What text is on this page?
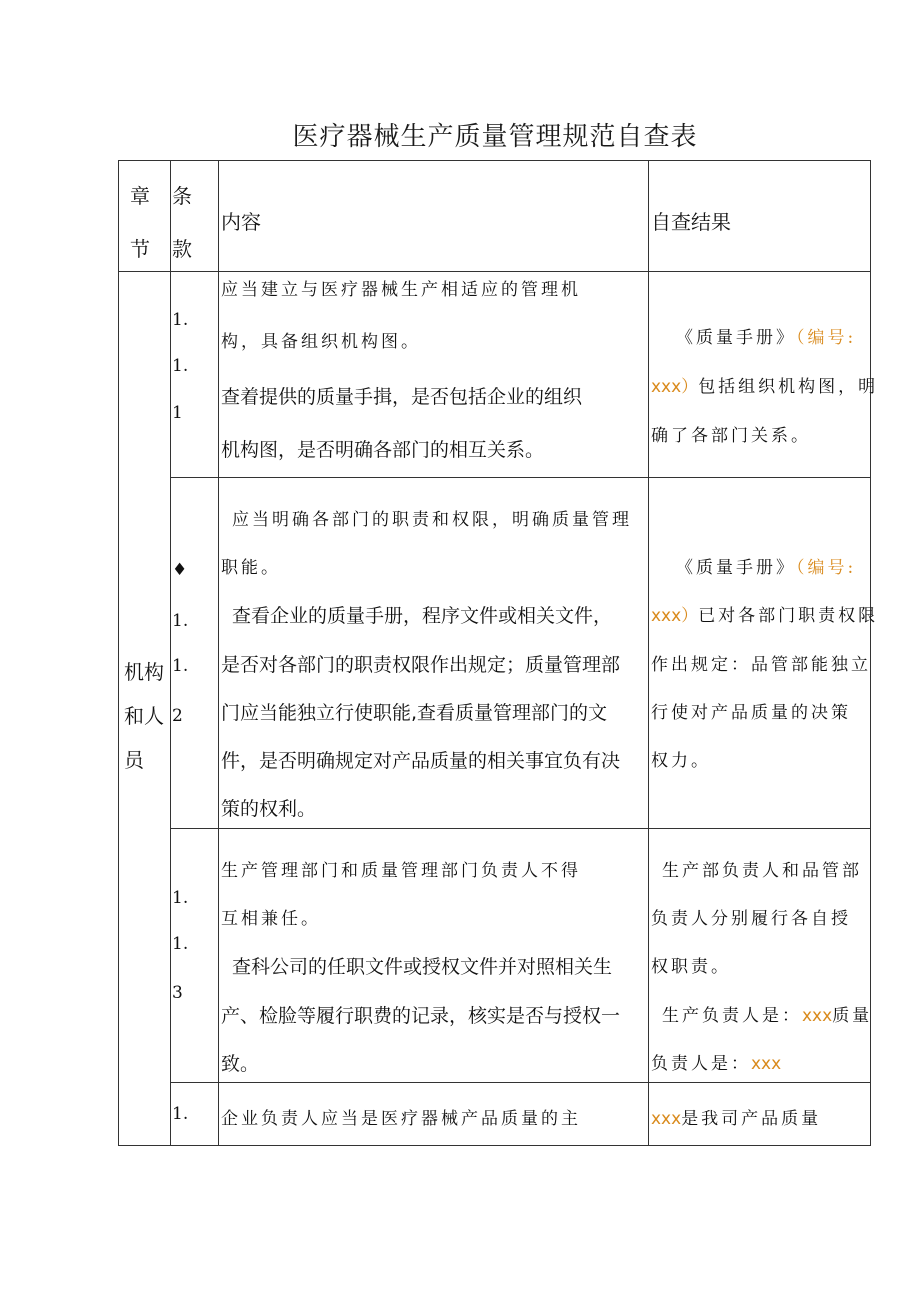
医疗器械生产质量管理规范自查表
章
节
条
款
内容	自查结果
机构
和人
员
1.
1.
1
应当建立与医疗器械生产相适应的管理机
构，具备组织机构图。
查着提供的质量手揖，是否包括企业的组织
机构图，是否明确各部门的相互关系。
《质量手册》（编号:
xxx）包括组织机构图，明
确了各部门关系。
♦
1.
1.
2
应当明确各部门的职责和权限，明确质量管理
职能。
查看企业的质量手册，程序文件或相关文件，
是否对各部门的职责权限作出规定；质量管理部
门应当能独立行使职能,查看质量管理部门的文
件，是否明确规定对产品质量的相关事宜负有决
策的权利。
《质量手册》（编号:
xxx）已对各部门职责权限
作出规定：品管部能独立
行使对产品质量的决策
权力。
1.
1.
3
生产管理部门和质量管理部门负责人不得
互相兼任。
查科公司的任职文件或授权文件并对照相关生
产、检脸等履行职费的记录，核实是否与授权一
致。
生产部负责人和品管部
负责人分别履行各自授
权职责。
生产负责人是：xxx质量
负责人是：xxx
1. 企业负责人应当是医疗器械产品质量的主	xxx是我司产品质量
